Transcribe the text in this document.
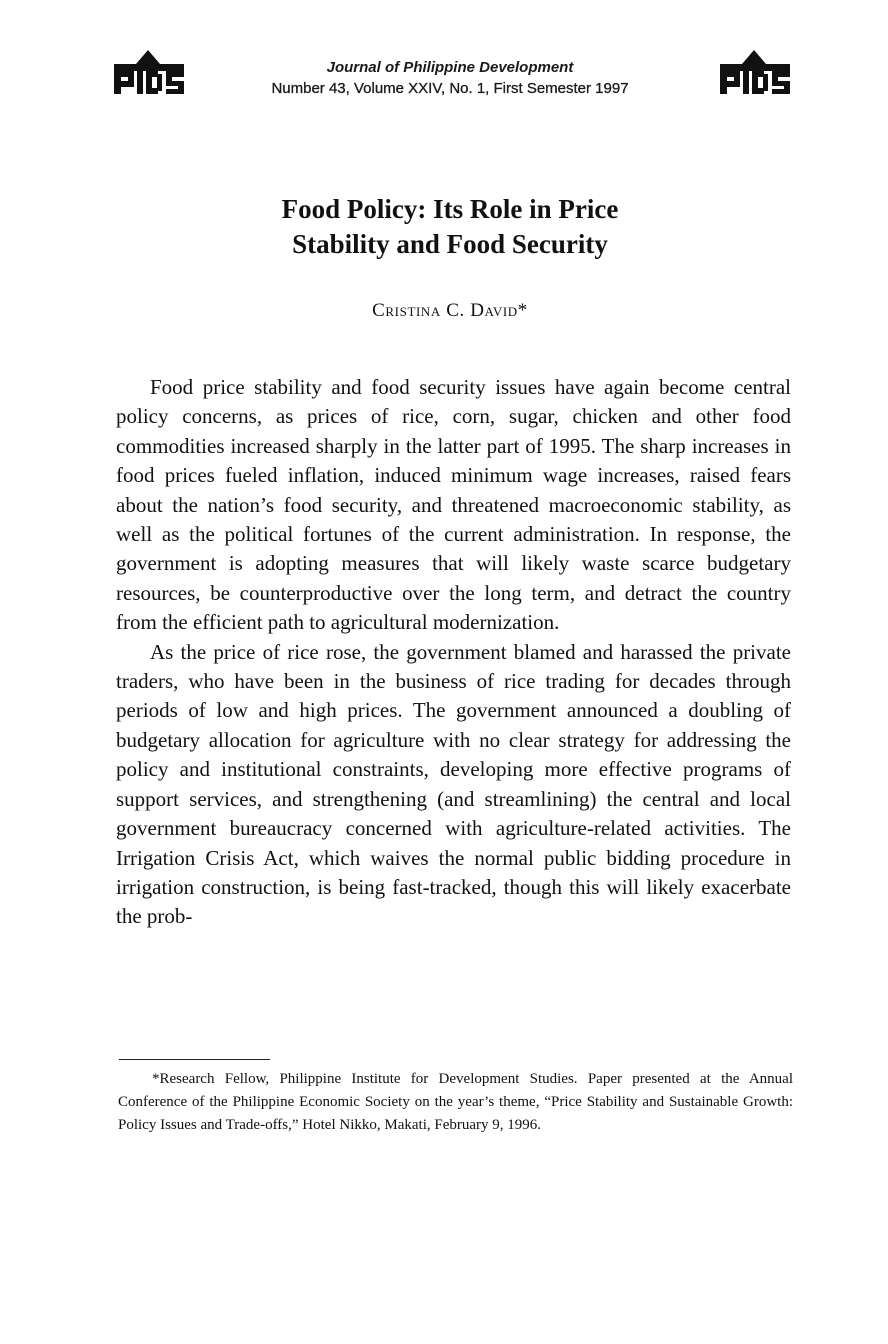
Journal of Philippine Development
Number 43, Volume XXIV, No. 1, First Semester 1997
Food Policy: Its Role in Price
Stability and Food Security
Cristina C. David*

Food price stability and food security issues have again become central policy concerns, as prices of rice, corn, sugar, chicken and other food commodities increased sharply in the latter part of 1995. The sharp increases in food prices fueled inflation, induced minimum wage increases, raised fears about the nation’s food security, and threatened macroeconomic stability, as well as the political fortunes of the current administration. In response, the government is adopting measures that will likely waste scarce budgetary resources, be counterproductive over the long term, and detract the country from the efficient path to agricultural modernization.

As the price of rice rose, the government blamed and harassed the private traders, who have been in the business of rice trading for decades through periods of low and high prices. The government announced a doubling of budgetary allocation for agriculture with no clear strategy for addressing the policy and institutional constraints, developing more effective programs of support services, and strengthening (and streamlining) the central and local government bureaucracy concerned with agriculture-related activities. The Irrigation Crisis Act, which waives the normal public bidding procedure in irrigation construction, is being fast-tracked, though this will likely exacerbate the prob-

*Research Fellow, Philippine Institute for Development Studies. Paper presented at the Annual Conference of the Philippine Economic Society on the year’s theme, “Price Stability and Sustainable Growth: Policy Issues and Trade-offs,” Hotel Nikko, Makati, February 9, 1996.
